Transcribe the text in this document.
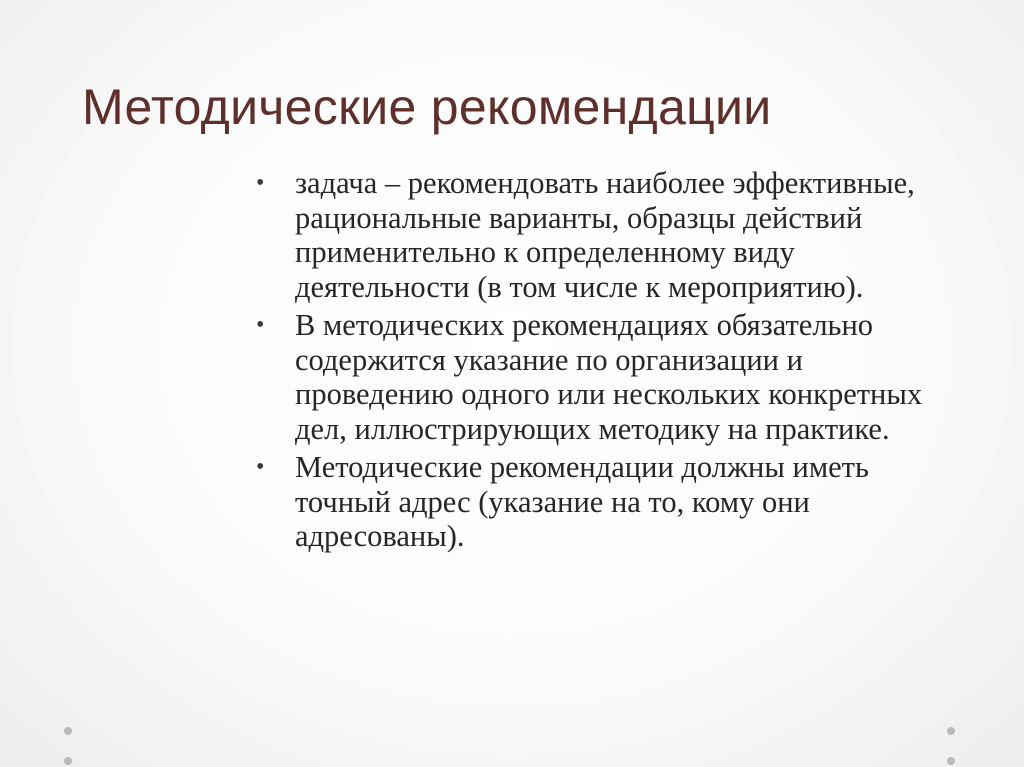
Методические рекомендации
• задача – рекомендовать наиболее эффективные, рациональные варианты, образцы действий применительно к определенному виду деятельности (в том числе к мероприятию).
• В методических рекомендациях обязательно содержится указание по организации и проведению одного или нескольких конкретных дел, иллюстрирующих методику на практике.
• Методические рекомендации должны иметь точный адрес (указание на то, кому они адресованы).
